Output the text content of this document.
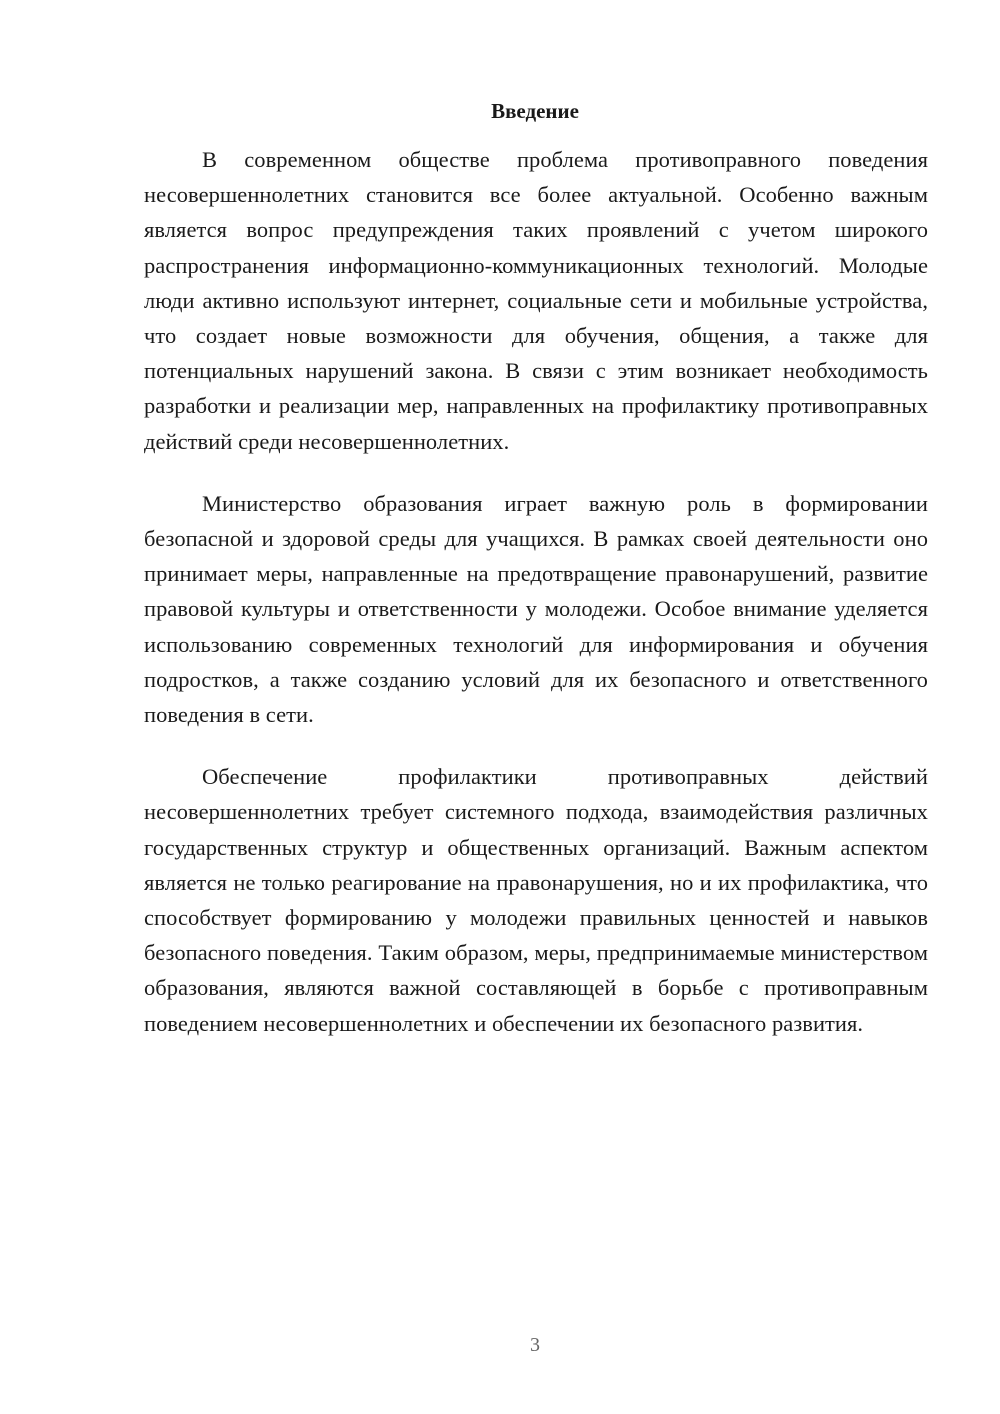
Введение

В современном обществе проблема противоправного поведения несовершеннолетних становится все более актуальной. Особенно важным является вопрос предупреждения таких проявлений с учетом широкого распространения информационно-коммуникационных технологий. Молодые люди активно используют интернет, социальные сети и мобильные устройства, что создает новые возможности для обучения, общения, а также для потенциальных нарушений закона. В связи с этим возникает необходимость разработки и реализации мер, направленных на профилактику противоправных действий среди несовершеннолетних.

Министерство образования играет важную роль в формировании безопасной и здоровой среды для учащихся. В рамках своей деятельности оно принимает меры, направленные на предотвращение правонарушений, развитие правовой культуры и ответственности у молодежи. Особое внимание уделяется использованию современных технологий для информирования и обучения подростков, а также созданию условий для их безопасного и ответственного поведения в сети.

Обеспечение профилактики противоправных действий несовершеннолетних требует системного подхода, взаимодействия различных государственных структур и общественных организаций. Важным аспектом является не только реагирование на правонарушения, но и их профилактика, что способствует формированию у молодежи правильных ценностей и навыков безопасного поведения. Таким образом, меры, предпринимаемые министерством образования, являются важной составляющей в борьбе с противоправным поведением несовершеннолетних и обеспечении их безопасного развития.

3
